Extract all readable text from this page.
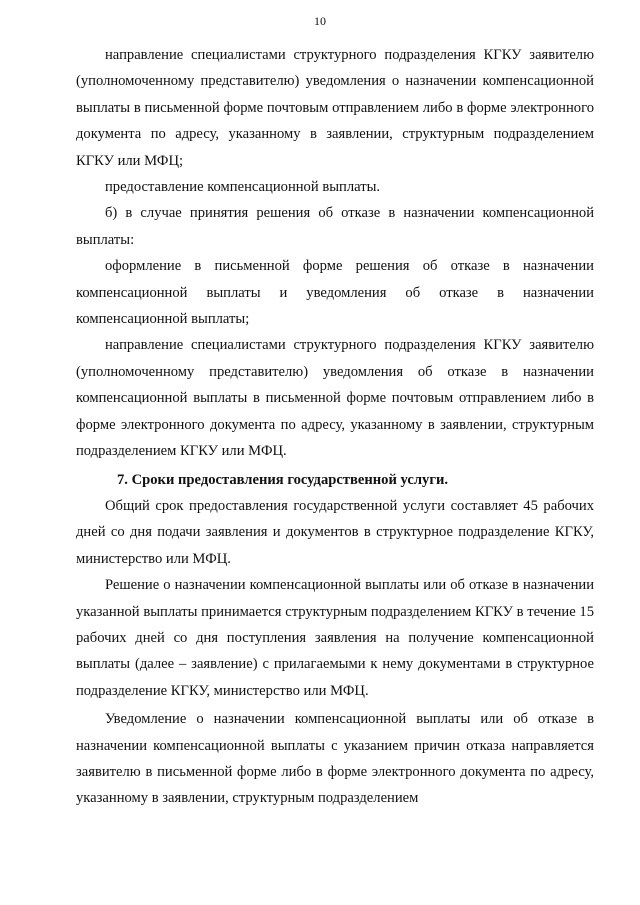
10

направление специалистами структурного подразделения КГКУ заявителю (уполномоченному представителю) уведомления о назначении компенсационной выплаты в письменной форме почтовым отправлением либо в форме электронного документа по адресу, указанному в заявлении, структурным подразделением КГКУ или МФЦ;

предоставление компенсационной выплаты.

б) в случае принятия решения об отказе в назначении компенсационной выплаты:

оформление в письменной форме решения об отказе в назначении компенсационной выплаты и уведомления об отказе в назначении компенсационной выплаты;

направление специалистами структурного подразделения КГКУ заявителю (уполномоченному представителю) уведомления об отказе в назначении компенсационной выплаты в письменной форме почтовым отправлением либо в форме электронного документа по адресу, указанному в заявлении, структурным подразделением КГКУ или МФЦ.

7. Сроки предоставления государственной услуги.

Общий срок предоставления государственной услуги составляет 45 рабочих дней со дня подачи заявления и документов в структурное подразделение КГКУ, министерство или МФЦ.

Решение о назначении компенсационной выплаты или об отказе в назначении указанной выплаты принимается структурным подразделением КГКУ в течение 15 рабочих дней со дня поступления заявления на получение компенсационной выплаты (далее – заявление) с прилагаемыми к нему документами в структурное подразделение КГКУ, министерство или МФЦ.

Уведомление о назначении компенсационной выплаты или об отказе в назначении компенсационной выплаты с указанием причин отказа направляется заявителю в письменной форме либо в форме электронного документа по адресу, указанному в заявлении, структурным подразделением
